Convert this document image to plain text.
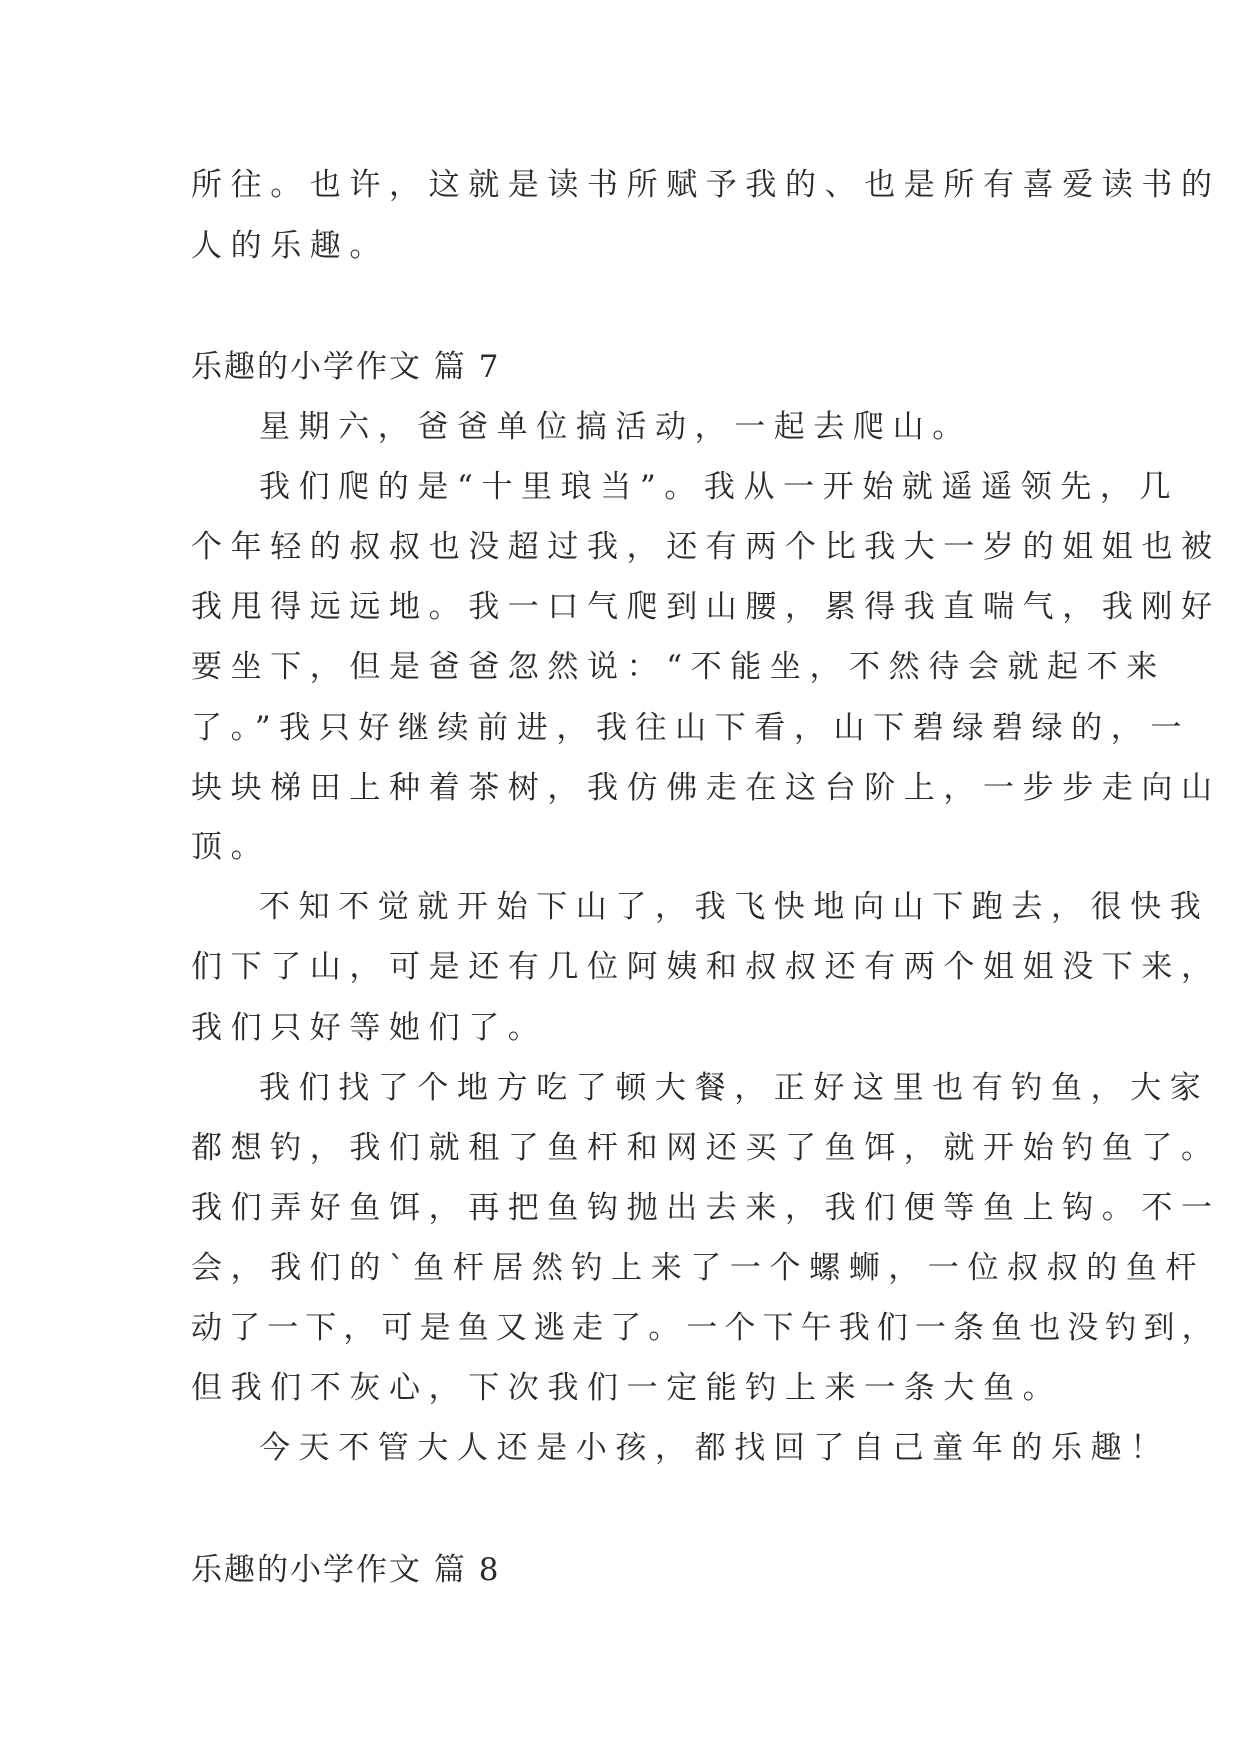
所往。也许，这就是读书所赋予我的、也是所有喜爱读书的
人的乐趣。
乐趣的小学作文 篇 7
星期六，爸爸单位搞活动，一起去爬山。
我们爬的是“十里琅当”。我从一开始就遥遥领先，几
个年轻的叔叔也没超过我，还有两个比我大一岁的姐姐也被
我甩得远远地。我一口气爬到山腰，累得我直喘气，我刚好
要坐下，但是爸爸忽然说：“不能坐，不然待会就起不来
了。”我只好继续前进，我往山下看，山下碧绿碧绿的，一
块块梯田上种着茶树，我仿佛走在这台阶上，一步步走向山
顶。
不知不觉就开始下山了，我飞快地向山下跑去，很快我
们下了山，可是还有几位阿姨和叔叔还有两个姐姐没下来，
我们只好等她们了。
我们找了个地方吃了顿大餐，正好这里也有钓鱼，大家
都想钓，我们就租了鱼杆和网还买了鱼饵，就开始钓鱼了。
我们弄好鱼饵，再把鱼钩抛出去来，我们便等鱼上钩。不一
会，我们的`鱼杆居然钓上来了一个螺蛳，一位叔叔的鱼杆
动了一下，可是鱼又逃走了。一个下午我们一条鱼也没钓到，
但我们不灰心，下次我们一定能钓上来一条大鱼。
今天不管大人还是小孩，都找回了自己童年的乐趣！
乐趣的小学作文 篇 8
